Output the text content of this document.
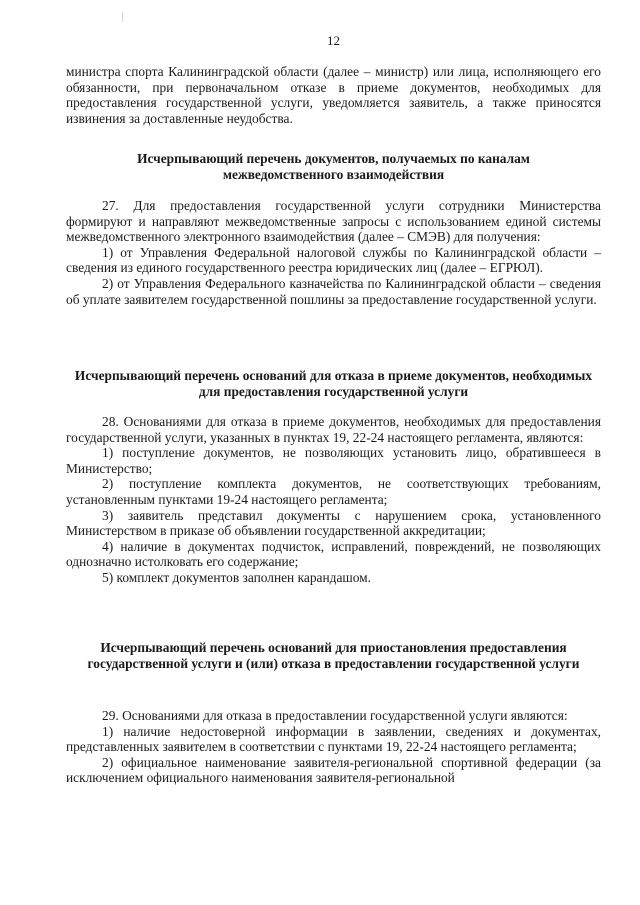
12

министра спорта Калининградской области (далее – министр) или лица, исполняющего его обязанности, при первоначальном отказе в приеме документов, необходимых для предоставления государственной услуги, уведомляется заявитель, а также приносятся извинения за доставленные неудобства.

Исчерпывающий перечень документов, получаемых по каналам межведомственного взаимодействия

27. Для предоставления государственной услуги сотрудники Министерства формируют и направляют межведомственные запросы с использованием единой системы межведомственного электронного взаимодействия (далее – СМЭВ) для получения:

1) от Управления Федеральной налоговой службы по Калининградской области – сведения из единого государственного реестра юридических лиц (далее – ЕГРЮЛ).

2) от Управления Федерального казначейства по Калининградской области – сведения об уплате заявителем государственной пошлины за предоставление государственной услуги.

Исчерпывающий перечень оснований для отказа в приеме документов, необходимых для предоставления государственной услуги

28. Основаниями для отказа в приеме документов, необходимых для предоставления государственной услуги, указанных в пунктах 19, 22-24 настоящего регламента, являются:

1) поступление документов, не позволяющих установить лицо, обратившееся в Министерство;

2) поступление комплекта документов, не соответствующих требованиям, установленным пунктами 19-24 настоящего регламента;

3) заявитель представил документы с нарушением срока, установленного Министерством в приказе об объявлении государственной аккредитации;

4) наличие в документах подчисток, исправлений, повреждений, не позволяющих однозначно истолковать его содержание;

5) комплект документов заполнен карандашом.

Исчерпывающий перечень оснований для приостановления предоставления государственной услуги и (или) отказа в предоставлении государственной услуги

29. Основаниями для отказа в предоставлении государственной услуги являются:

1) наличие недостоверной информации в заявлении, сведениях и документах, представленных заявителем в соответствии с пунктами 19, 22-24 настоящего регламента;

2) официальное наименование заявителя-региональной спортивной федерации (за исключением официального наименования заявителя-региональной
